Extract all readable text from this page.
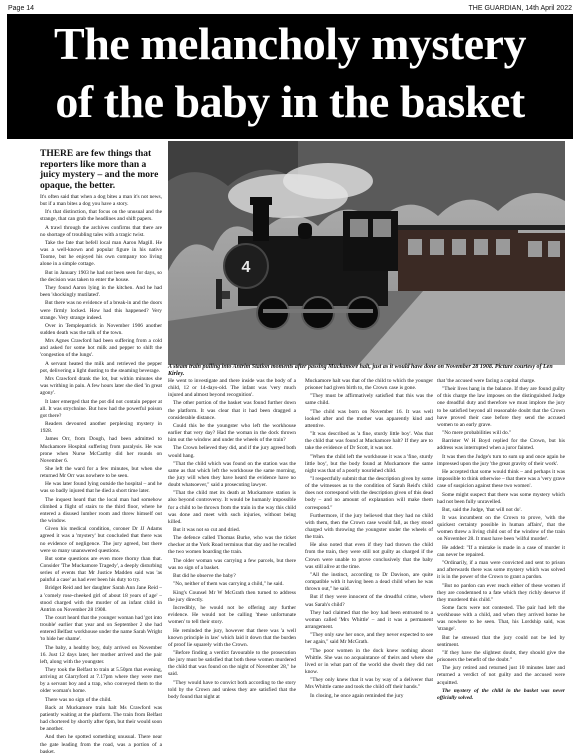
Page 14	THE GUARDIAN, 14th April 2022
The melancholy mystery
of the baby in the basket

THERE are few things that reporters like more than a juicy mystery – and the more opaque, the better.

It's often said that when a dog bites a man it's not news, but if a man bites a dog you have a story.

It's that distinction, that focus on the unusual and the strange, that can grab the headlines and shift papers.

A trawl through the archives confirms that there are no shortage of troubling tales with a tragic twist.

Take the fate that befell local man Aaron Magill. He was a well-known and popular figure in his native Toome, but he enjoyed his own company too living alone in a simple cottage.

But in January 1903 he had not been seen for days, so the decision was taken to enter the house.

They found Aaron lying in the kitchen. And he had been 'shockingly mutilated'.

But there was no evidence of a break-in and the doors were firmly locked. How had this happened? Very strange. Very strange indeed.

Over in Templepatrick in November 1906 another sudden death was the talk of the town.

Mrs Agnes Crawford had been suffering from a cold and asked for some hot milk and pepper to shift the 'congestion of the lungs'.

A servant heated the milk and retrieved the pepper pot, delivering a light dusting to the steaming beverage.

Mrs Crawford drank the lot, but within minutes she was writhing in pain. A few hours later she died 'in great agony'.

It later emerged that the pot did not contain pepper at all. It was strychnine. But how had the powerful poison got there?

Readers devoured another perplexing mystery in 1928.

James Orr, from Dough, had been admitted to Muckamore Hospital suffering from paralysis. He was prone when Nurse McCarthy did her rounds on November 6.

She left the ward for a few minutes, but when she returned Mr Orr was nowhere to be seen.

He was later found lying outside the hospital – and he was so badly injured that he died a short time later.

The inquest heard that the local man had somehow climbed a flight of stairs to the third floor, where he entered a disused lumber room and threw himself out the window.

Given his medical condition, coroner Dr JJ Adams agreed it was a 'mystery' but concluded that there was no evidence of negligence. The jury agreed, but there were so many unanswered questions.

But some questions are even more thorny than that. Consider 'The Muckamore Tragedy', a deeply disturbing series of events that Mr Justice Madden said was 'as painful a case' as had ever been his duty to try.

Bridget Reid and her daughter Sarah Ann Jane Reid – a 'comely rose-cheeked girl of about 18 years of age' – stood charged with the murder of an infant child in Antrim on November 28 1908.

The court heard that the younger woman had 'got into trouble' earlier that year and on September 2 she had entered Belfast workhouse under the name Sarah Wright 'to hide her shame'.

The baby, a healthy boy, duly arrived on November 16. Just 12 days later, her mother arrived and the pair left, along with the youngster.

They took the Belfast to train at 5.50pm that evening, arriving at Glarryford at 7.17pm where they were met by a servant boy and a trap, who conveyed them to the older woman's home.

There was no sign of the child.

Back at Muckamore train halt Ms Crawford was patiently waiting at the platform. The train from Belfast had chortered by shortly after 6pm, but their would soon be another.

And then he spotted something unusual. There near the gate leading from the road, was a portion of a basket.

4
A steam train pulling into Antrim Station moments after passing Muckamore halt, just as it would have done on November 28 1908. Picture courtesy of Len Kirley.

He went to investigate and there inside was the body of a child, 12 or 14-days-old. The infant was 'very much injured and almost beyond recognition'.

The other portion of the basket was found further down the platform. It was clear that it had been dragged a considerable distance.

Could this be the youngster who left the workhouse earlier that very day? Had the woman in the dock thrown him out the window and under the wheels of the train?

The Crown believed they did, and if the jury agreed both would hang.

"That the child which was found on the station was the same as that which left the workhouse the same morning, the jury will when they have heard the evidence have no doubt whatsoever," said a prosecuting lawyer.

"That the child met its death at Muckamore station is also beyond controversy. It would be humanly impossible for a child to be thrown from the train in the way this child was done and meet with such injuries, without being killed.

But it was not so cut and dried.

The defence called Thomas Burke, who was the ticket checker at the York Road terminus that day and he recalled the two women boarding the train.

The older woman was carrying a few parcels, but there was no sign of a basket.

But did he observe the baby?

"No, neither of them was carrying a child," he said.

King's Counsel Mr W McGrath then turned to address the jury directly.

Incredibly, he would not be offering any further evidence. He would not be calling 'these unfortunate women' to tell their story.

He reminded the jury, however that there was 'a well known principle in law' which laid it down that the burden of proof lie squarely with the Crown.

"Before finding a verdict favourable to the prosecution the jury must be satisfied that both these women murdered the child that was found on the night of November 28," he said.

"They would have to convict both according to the story told by the Crown and unless they are satisfied that the body found that night at

Muckamore halt was that of the child to which the younger prisoner had given birth to, the Crown case is gone.

"They must be affirmatively satisfied that this was the same child.

"The child was born on November 16. It was well looked after and the mother was apparently kind and attentive.

"It was described as 'a fine, sturdy little boy'. Was that the child that was found at Muckamore halt? If they are to take the evidence of Dr Scott, it was not.

"When the child left the workhouse it was a 'fine, sturdy little boy', but the body found at Muckamore the same night was that of a poorly nourished child.

"I respectfully submit that the description given by some of the witnesses as to the condition of Sarah Reid's child does not correspond with the description given of this dead body – and no amount of explanation will make them correspond."

Furthermore, if the jury believed that they had no child with them, then the Crown case would fall, as they stood charged with throwing the youngster under the wheels of the train.

He also noted that even if they had thrown the child from the train, they were still not guilty as charged if the Crown were unable to prove conclusively that the baby was still alive at the time.

"All the instinct, according to Dr Davison, are quite compatible with it having been a dead child when he was thrown out," he said.

But if they were innocent of the dreadful crime, where was Sarah's child?

They had claimed that the boy had been entrusted to a woman called 'Mrs Whittle' – and it was a permanent arrangement.

"They only saw her once, and they never expected to see her again," said Mr McGrath.

"The poor women in the dock knew nothing about Whittle. She was no acquaintance of theirs and where she lived or in what part of the world she dwelt they did not know.

"They only knew that it was by way of a deliverer that Mrs Whittle came and took the child off their hands."

In closing, he once again reminded the jury

that 'the accused were facing a capital charge.

"Their lives hang in the balance. If they are found guilty of this charge the law imposes on the distinguished Judge one dreadful duty and therefore we must implore the jury to be satisfied beyond all reasonable doubt that the Crown have proved their case before they send the accused women to an early grave.

"No mere probabilities will do."

Barrister W H Boyd replied for the Crown, but his address was interrupted when a juror fainted.

It was then the Judge's turn to sum up and once again he impressed upon the jury 'the great gravity of their work'.

He accepted that some would think – and perhaps it was impossible to think otherwise – that there was a 'very grave case of suspicion against these two women'.

Some might suspect that there was some mystery which had not been fully unravelled.

But, said the Judge, 'that will not do'.

It was incumbent on the Crown to prove, 'with the quickest certainty possible in human affairs', that the women threw a living child out of the window of the train on November 28. It must have been 'wilful murder'.

He added: "If a mistake is made in a case of murder it can never be repaired.

"Ordinarily, if a man were convicted and sent to prison and afterwards there was some mystery which was solved it is in the power of the Crown to grant a pardon.

"But no pardon can ever reach either of these women if they are condemned to a fate which they richly deserve if they murdered this child."

Some facts were not contested. The pair had left the workhouse with a child, and when they arrived home he was nowhere to be seen. That, his Lordship said, was 'strange'.

But he stressed that the jury could not be led by sentiment.

"If they have the slightest doubt, they should give the prisoners the benefit of the doubt."

The jury retired and returned just 10 minutes later and returned a verdict of not guilty and the accused were acquitted.

The mystery of the child in the basket was never officially solved.
